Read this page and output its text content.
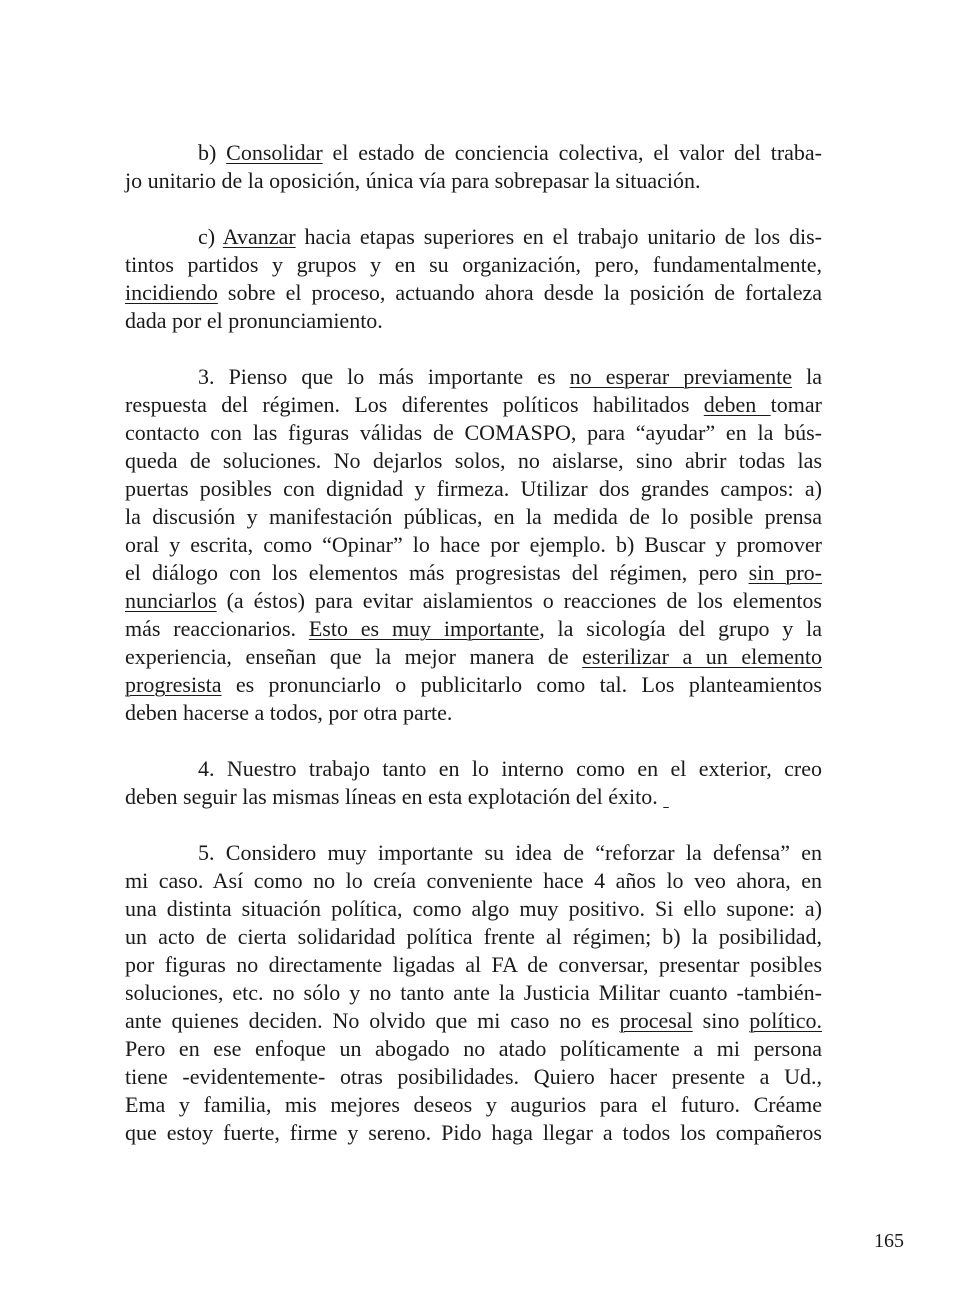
b) Consolidar el estado de conciencia colectiva, el valor del traba-
jo unitario de la oposición, única vía para sobrepasar la situación.
c) Avanzar hacia etapas superiores en el trabajo unitario de los dis-
tintos partidos y grupos y en su organización, pero, fundamentalmente,
incidiendo sobre el proceso, actuando ahora desde la posición de fortaleza
dada por el pronunciamiento.
3. Pienso que lo más importante es no esperar previamente la
respuesta del régimen. Los diferentes políticos habilitados deben tomar
contacto con las figuras válidas de COMASPO, para “ayudar” en la bús-
queda de soluciones. No dejarlos solos, no aislarse, sino abrir todas las
puertas posibles con dignidad y firmeza. Utilizar dos grandes campos: a)
la discusión y manifestación públicas, en la medida de lo posible prensa
oral y escrita, como “Opinar” lo hace por ejemplo. b) Buscar y promover
el diálogo con los elementos más progresistas del régimen, pero sin pro-
nunciarlos (a éstos) para evitar aislamientos o reacciones de los elementos
más reaccionarios. Esto es muy importante, la sicología del grupo y la
experiencia, enseñan que la mejor manera de esterilizar a un elemento
progresista es pronunciarlo o publicitarlo como tal. Los planteamientos
deben hacerse a todos, por otra parte.
4. Nuestro trabajo tanto en lo interno como en el exterior, creo
deben seguir las mismas líneas en esta explotación del éxito.
5. Considero muy importante su idea de “reforzar la defensa” en
mi caso. Así como no lo creía conveniente hace 4 años lo veo ahora, en
una distinta situación política, como algo muy positivo. Si ello supone: a)
un acto de cierta solidaridad política frente al régimen; b) la posibilidad,
por figuras no directamente ligadas al FA de conversar, presentar posibles
soluciones, etc. no sólo y no tanto ante la Justicia Militar cuanto -también-
ante quienes deciden. No olvido que mi caso no es procesal sino político.
Pero en ese enfoque un abogado no atado políticamente a mi persona
tiene -evidentemente- otras posibilidades. Quiero hacer presente a Ud.,
Ema y familia, mis mejores deseos y augurios para el futuro. Créame
que estoy fuerte, firme y sereno. Pido haga llegar a todos los compañeros
165
